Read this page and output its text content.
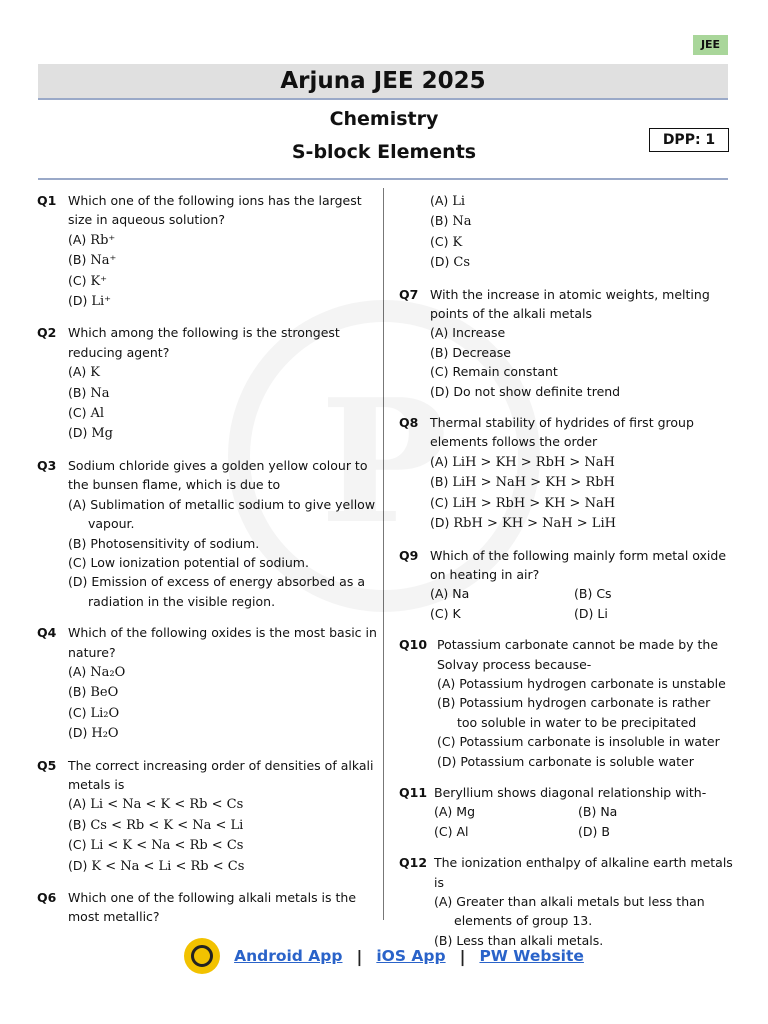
JEE
Arjuna JEE 2025
Chemistry
S-block Elements
DPP: 1
Q1 Which one of the following ions has the largest size in aqueous solution?
(A) Rb⁺
(B) Na⁺
(C) K⁺
(D) Li⁺
Q2 Which among the following is the strongest reducing agent?
(A) K
(B) Na
(C) Al
(D) Mg
Q3 Sodium chloride gives a golden yellow colour to the bunsen flame, which is due to
(A) Sublimation of metallic sodium to give yellow vapour.
(B) Photosensitivity of sodium.
(C) Low ionization potential of sodium.
(D) Emission of excess of energy absorbed as a radiation in the visible region.
Q4 Which of the following oxides is the most basic in nature?
(A) Na₂O
(B) BeO
(C) Li₂O
(D) H₂O
Q5 The correct increasing order of densities of alkali metals is
(A) Li < Na < K < Rb < Cs
(B) Cs < Rb < K < Na < Li
(C) Li < K < Na < Rb < Cs
(D) K < Na < Li < Rb < Cs
Q6 Which one of the following alkali metals is the most metallic?
(A) Li
(B) Na
(C) K
(D) Cs
Q7 With the increase in atomic weights, melting points of the alkali metals
(A) Increase
(B) Decrease
(C) Remain constant
(D) Do not show definite trend
Q8 Thermal stability of hydrides of first group elements follows the order
(A) LiH > KH > RbH > NaH
(B) LiH > NaH > KH > RbH
(C) LiH > RbH > KH > NaH
(D) RbH > KH > NaH > LiH
Q9 Which of the following mainly form metal oxide on heating in air?
(A) Na	(B) Cs
(C) K	(D) Li
Q10 Potassium carbonate cannot be made by the Solvay process because-
(A) Potassium hydrogen carbonate is unstable
(B) Potassium hydrogen carbonate is rather too soluble in water to be precipitated
(C) Potassium carbonate is insoluble in water
(D) Potassium carbonate is soluble water
Q11 Beryllium shows diagonal relationship with-
(A) Mg	(B) Na
(C) Al	(D) B
Q12 The ionization enthalpy of alkaline earth metals is
(A) Greater than alkali metals but less than elements of group 13.
(B) Less than alkali metals.
Android App | iOS App | PW Website
